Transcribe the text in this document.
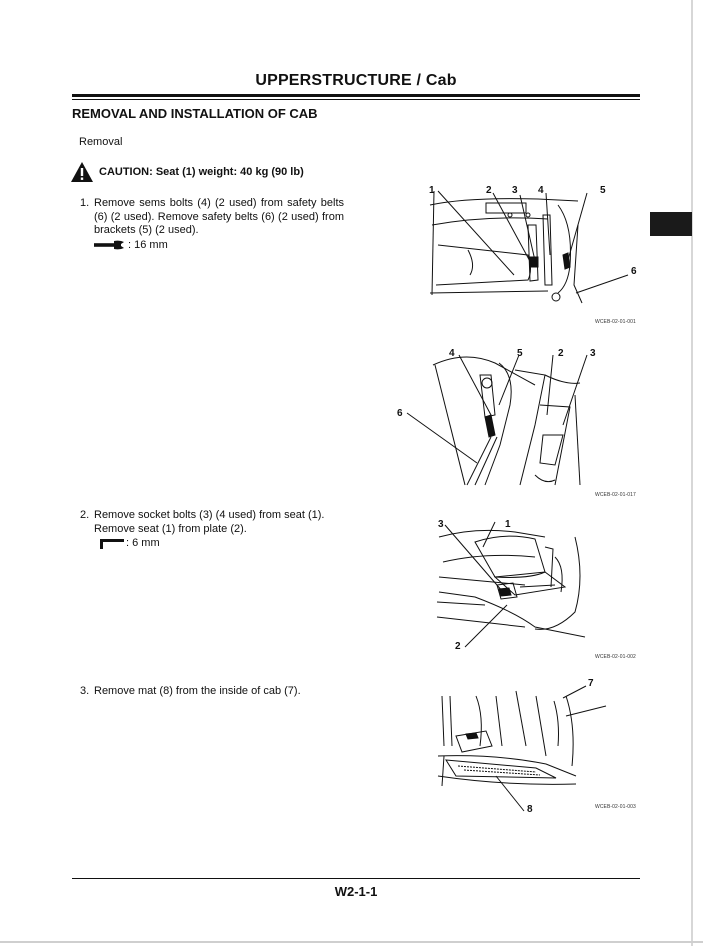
UPPERSTRUCTURE / Cab
REMOVAL AND INSTALLATION OF CAB
Removal
CAUTION: Seat (1) weight: 40 kg (90 lb)
1. Remove sems bolts (4) (2 used) from safety belts (6) (2 used). Remove safety belts (6) (2 used) from brackets (5) (2 used).
: 16 mm
2. Remove socket bolts (3) (4 used) from seat (1).
Remove seat (1) from plate (2).
: 6 mm
3. Remove mat (8) from the inside of cab (7).
1	2 3 4	5
6
WCEB-02-01-001
4	5	2	3
6
WCEB-02-01-017
3	1
2
WCEB-02-01-002
7
8	WCEB-02-01-003
W2-1-1
